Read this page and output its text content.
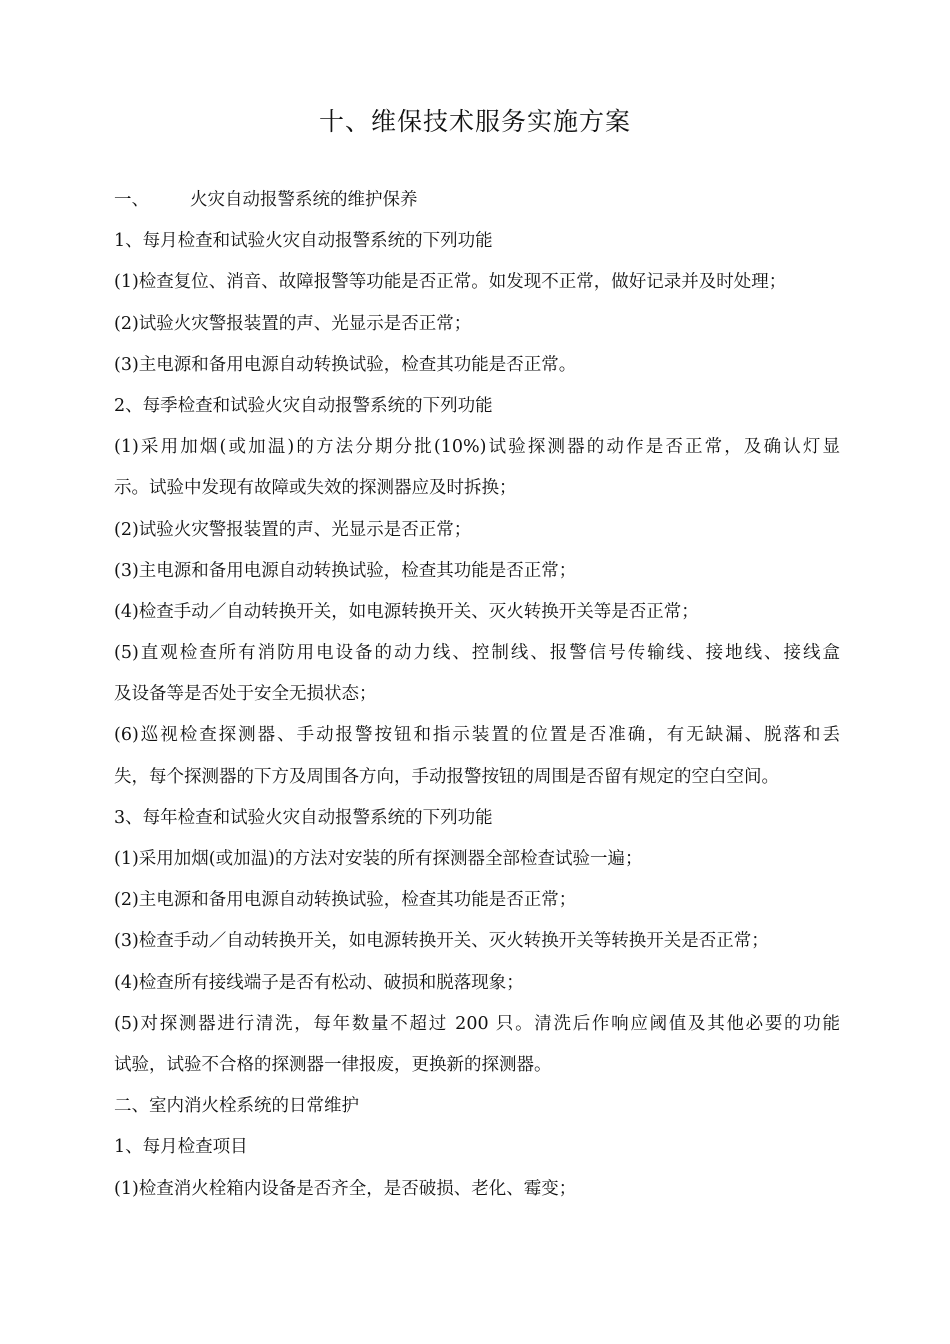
十、维保技术服务实施方案
一、 火灾自动报警系统的维护保养
1、每月检查和试验火灾自动报警系统的下列功能
(1)检查复位、消音、故障报警等功能是否正常。如发现不正常，做好记录并及时处理；
(2)试验火灾警报装置的声、光显示是否正常；
(3)主电源和备用电源自动转换试验，检查其功能是否正常。
2、每季检查和试验火灾自动报警系统的下列功能
(1)采用加烟(或加温)的方法分期分批(10%)试验探测器的动作是否正常，及确认灯显
示。试验中发现有故障或失效的探测器应及时拆换；
(2)试验火灾警报装置的声、光显示是否正常；
(3)主电源和备用电源自动转换试验，检查其功能是否正常；
(4)检查手动／自动转换开关，如电源转换开关、灭火转换开关等是否正常；
(5)直观检查所有消防用电设备的动力线、控制线、报警信号传输线、接地线、接线盒
及设备等是否处于安全无损状态；
(6)巡视检查探测器、手动报警按钮和指示装置的位置是否准确，有无缺漏、脱落和丢
失，每个探测器的下方及周围各方向，手动报警按钮的周围是否留有规定的空白空间。
3、每年检查和试验火灾自动报警系统的下列功能
(1)采用加烟(或加温)的方法对安装的所有探测器全部检查试验一遍；
(2)主电源和备用电源自动转换试验，检查其功能是否正常；
(3)检查手动／自动转换开关，如电源转换开关、灭火转换开关等转换开关是否正常；
(4)检查所有接线端子是否有松动、破损和脱落现象；
(5)对探测器进行清洗，每年数量不超过 200 只。清洗后作响应阈值及其他必要的功能
试验，试验不合格的探测器一律报废，更换新的探测器。
二、室内消火栓系统的日常维护
1、每月检查项目
(1)检查消火栓箱内设备是否齐全，是否破损、老化、霉变；
